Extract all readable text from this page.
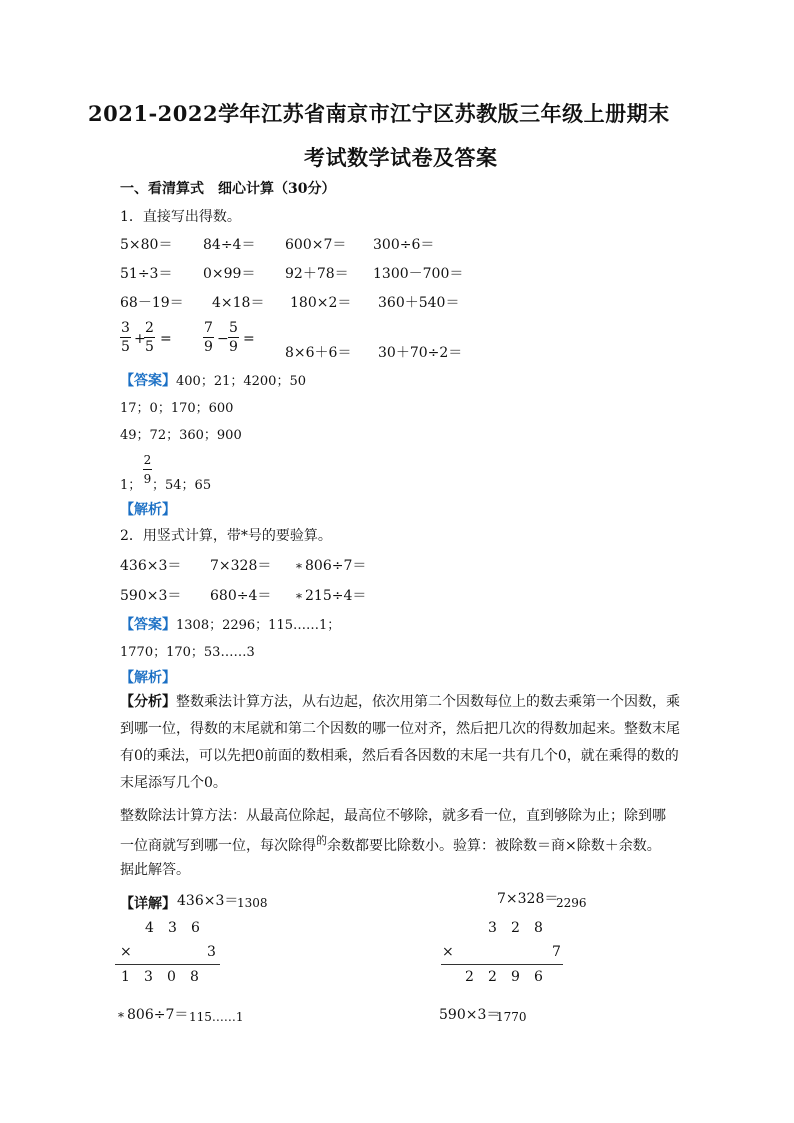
2021-2022学年江苏省南京市江宁区苏教版三年级上册期末
考试数学试卷及答案
一、看清算式　细心计算（30分）
1．直接写出得数。
5×80＝ 84÷4＝ 600×7＝ 300÷6＝
51÷3＝ 0×99＝ 92＋78＝ 1300－700＝
68－19＝ 4×18＝ 180×2＝ 360＋540＝
3
5 +
2
5 =
7
9 −
5
9 =
8×6＋6＝ 30＋70÷2＝
【答案】400；21；4200；50
17；0；170；600
49；72；360；900
1；
2
9 ；54；65
【解析】
2．用竖式计算，带*号的要验算。
436×3＝ 7×328＝ * 806÷7＝
590×3＝ 680÷4＝ * 215÷4＝
【答案】1308；2296；115……1；
1770；170；53……3
【解析】
【分析】整数乘法计算方法，从右边起，依次用第二个因数每位上的数去乘第一个因数，乘到哪一位，得数的末尾就和第二个因数的哪一位对齐，然后把几次的得数加起来。整数末尾有0的乘法，可以先把0前面的数相乘，然后看各因数的末尾一共有几个0，就在乘得的数的末尾添写几个0。
整数除法计算方法：从最高位除起，最高位不够除，就多看一位，直到够除为止；除到哪
一位商就写到哪一位，每次除得$^的$余数都要比除数小。验算：被除数＝商×除数＋余数。
据此解答。
【详解】 436×3＝
1308
4 3 6
×	3
1 3 0 8
7×328＝
2296
3 2 8
×	7
2 2 9 6
* 806÷7＝ 115……1	590×3＝
1770
